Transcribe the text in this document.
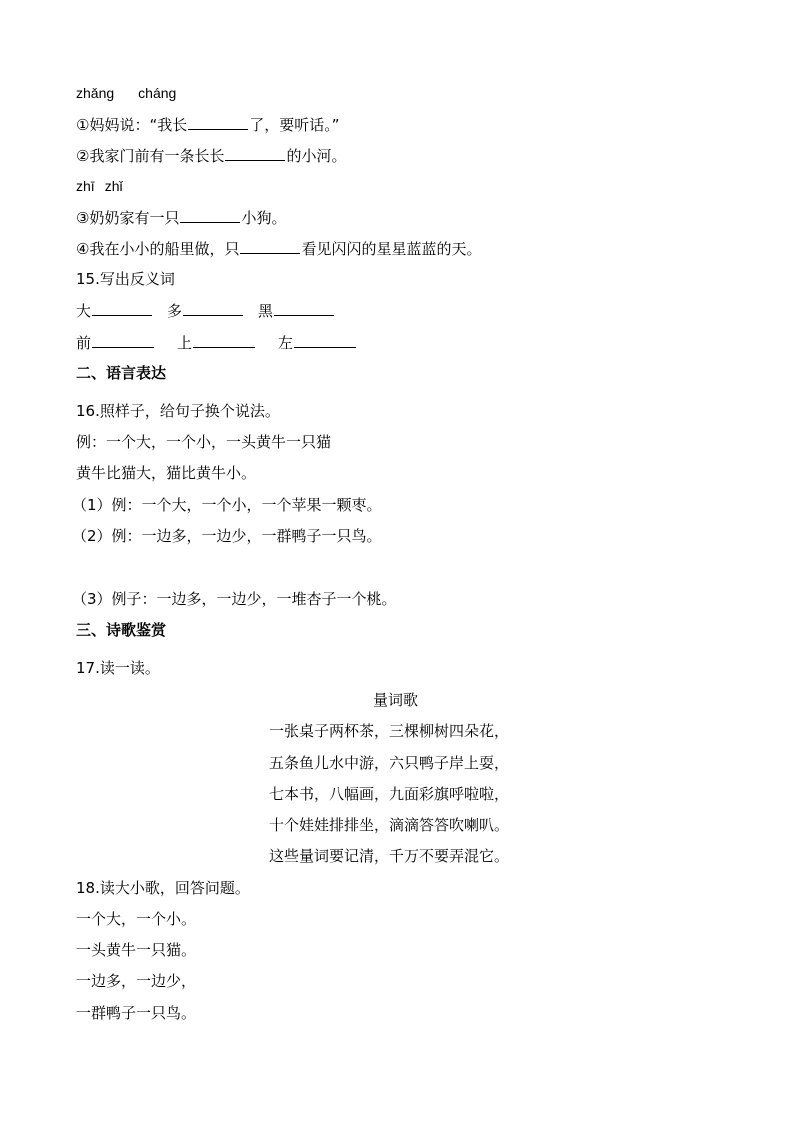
zhǎng cháng
①妈妈说：“我长	了，要听话。”
②我家门前有一条长长	的小河。
zhī zhǐ
③奶奶家有一只	小狗。
④我在小小的船里做，只	看见闪闪的星星蓝蓝的天。
15.写出反义词
大	多	黑
前	上	左
二、语言表达
16.照样子，给句子换个说法。
例：一个大，一个小，一头黄牛一只猫
黄牛比猫大，猫比黄牛小。
（1）例：一个大，一个小，一个苹果一颗枣。
（2）例：一边多，一边少，一群鸭子一只鸟。
（3）例子：一边多，一边少，一堆杏子一个桃。
三、诗歌鉴赏
17.读一读。
量词歌
一张桌子两杯茶，三棵柳树四朵花，
五条鱼儿水中游，六只鸭子岸上耍，
七本书，八幅画，九面彩旗呼啦啦，
十个娃娃排排坐，滴滴答答吹喇叭。
这些量词要记清，千万不要弄混它。
18.读大小歌，回答问题。
一个大，一个小。
一头黄牛一只猫。
一边多，一边少，
一群鸭子一只鸟。
